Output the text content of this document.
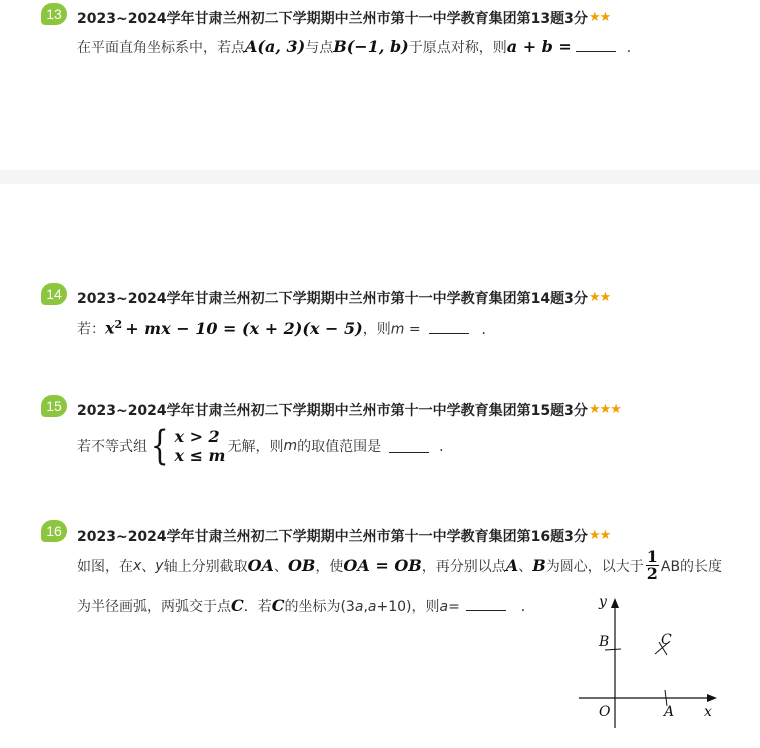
13	2023~2024学年甘肃兰州初二下学期期中兰州市第十一中学教育集团第13题3分 ★★
在平面直角坐标系中，若点A(a, 3)与点B(−1, b)于原点对称，则a + b =	．
14	2023~2024学年甘肃兰州初二下学期期中兰州市第十一中学教育集团第14题3分 ★★
若：$x^2$ + mx − 10 = (x + 2)(x − 5)，则m =	．
15	2023~2024学年甘肃兰州初二下学期期中兰州市第十一中学教育集团第15题3分 ★★★
若不等式组 { x > 2
x ≤ m 无解，则 m 的取值范围是	．
16	2023~2024学年甘肃兰州初二下学期期中兰州市第十一中学教育集团第16题3分 ★★
如图，在 x 、 y 轴上分别截取 OA 、 OB ，使 OA = OB ，再分别以点 A 、 B 为圆心，以大于 $\frac{1}{2}$ AB的长度
为半径画弧，两弧交于点C．若C的坐标为(3a,a+10)，则a=	．	y
x
O	A
B	C
